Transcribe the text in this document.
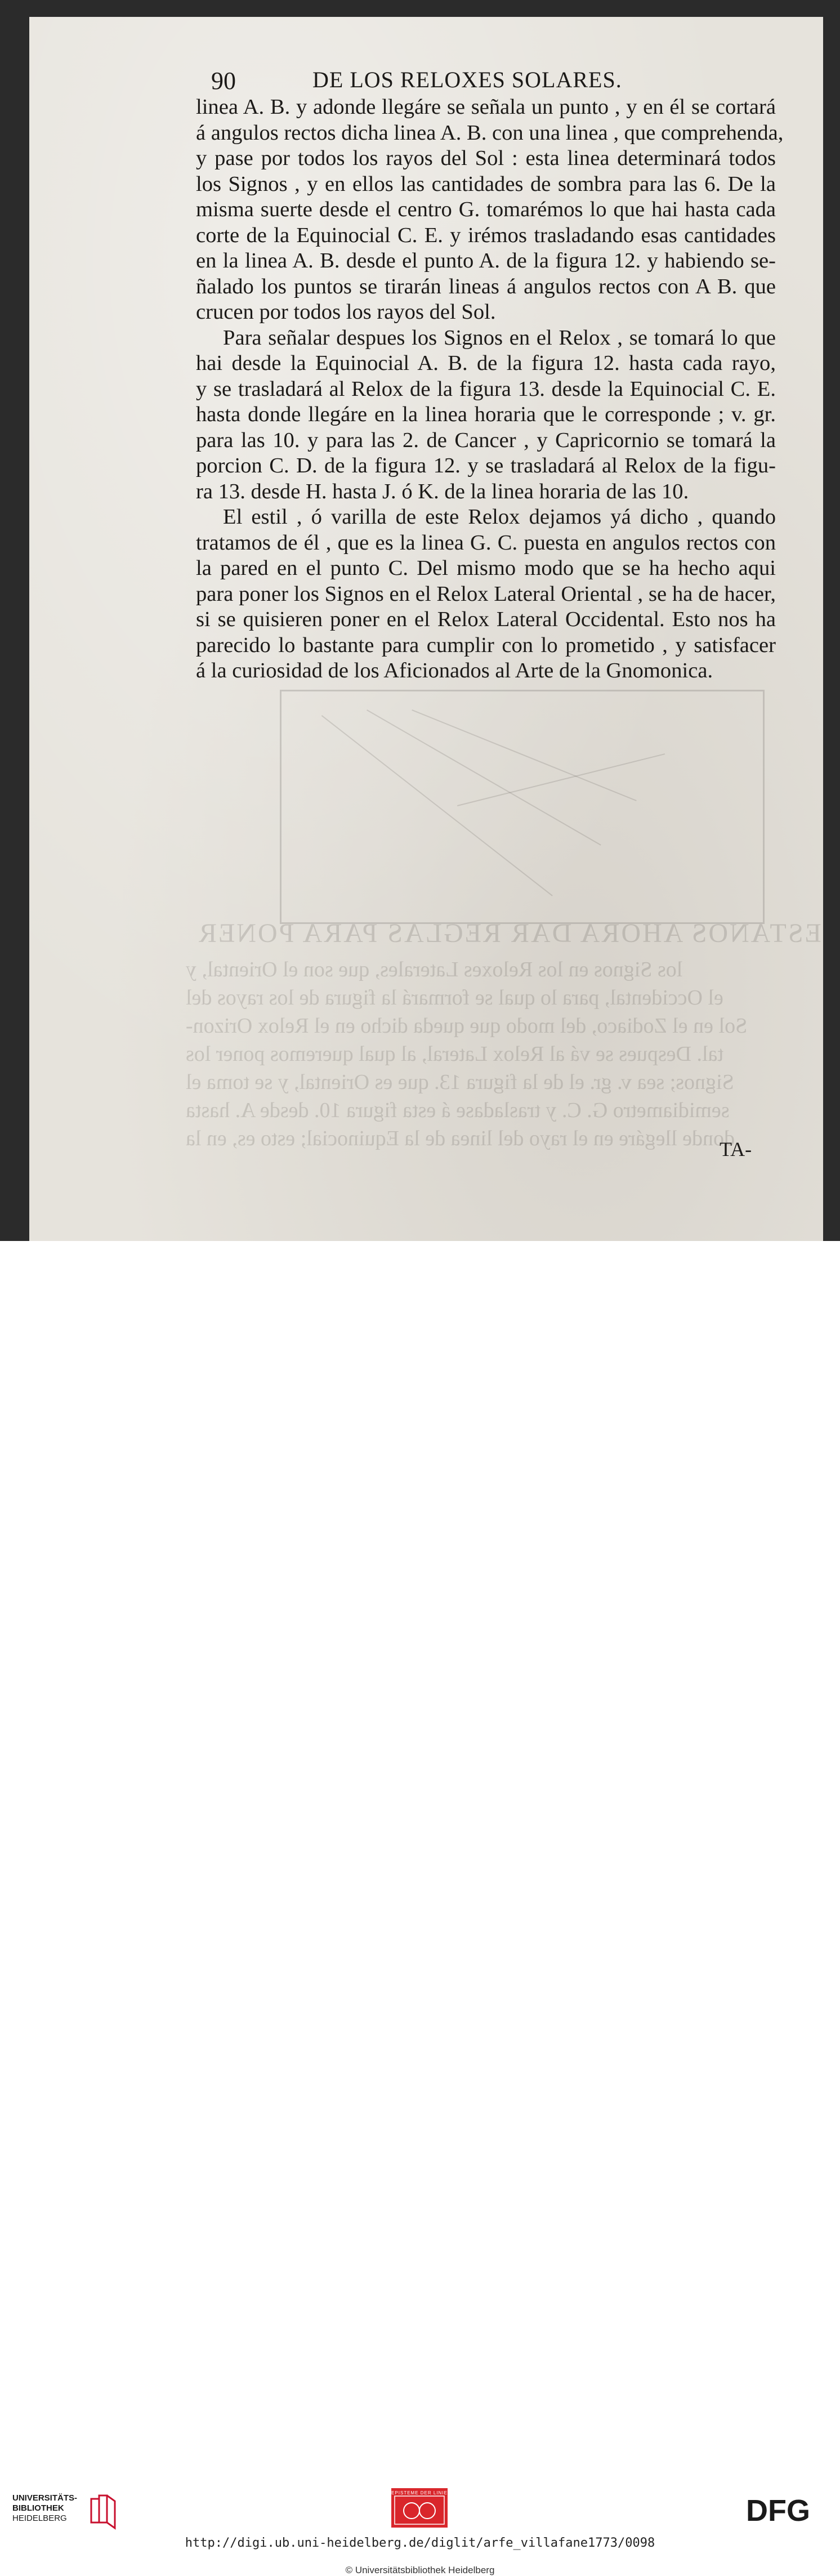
ESTANOS AHORA DAR REGLAS PARA PONER
los Signos en los Reloxes Laterales, que son el Oriental, y
el Occidental, para lo qual se formará la figura de los rayos del
Sol en el Zodiaco, del modo que queda dicho en el Relox Orizon-
tal. Despues se vá al Relox Lateral, al qual queremos poner los
Signos; sea v. gr. el de la figura 13. que es Oriental, y se toma el
semidiametro G. C. y trasladase á esta figura 10. desde A. hasta
donde llegáre en el rayo del linea de la Equinocial; esto es, en la
90	DE LOS RELOXES SOLARES.

linea A. B. y adonde llegáre se señala un punto , y en él se cortará
á angulos rectos dicha linea A. B. con una linea , que comprehenda,
y pase por todos los rayos del Sol : esta linea determinará todos
los Signos , y en ellos las cantidades de sombra para las 6. De la
misma suerte desde el centro G. tomarémos lo que hai hasta cada
corte de la Equinocial C. E. y irémos trasladando esas cantidades
en la linea A. B. desde el punto A. de la figura 12. y habiendo se-
ñalado los puntos se tirarán lineas á angulos rectos con A B. que
crucen por todos los rayos del Sol.

Para señalar despues los Signos en el Relox , se tomará lo que
hai desde la Equinocial A. B. de la figura 12. hasta cada rayo,
y se trasladará al Relox de la figura 13. desde la Equinocial C. E.
hasta donde llegáre en la linea horaria que le corresponde ; v. gr.
para las 10. y para las 2. de Cancer , y Capricornio se tomará la
porcion C. D. de la figura 12. y se trasladará al Relox de la figu-
ra 13. desde H. hasta J. ó K. de la linea horaria de las 10.

El estil , ó varilla de este Relox dejamos yá dicho , quando
tratamos de él , que es la linea G. C. puesta en angulos rectos con
la pared en el punto C. Del mismo modo que se ha hecho aqui
para poner los Signos en el Relox Lateral Oriental , se ha de hacer,
si se quisieren poner en el Relox Lateral Occidental. Esto nos ha
parecido lo bastante para cumplir con lo prometido , y satisfacer
á la curiosidad de los Aficionados al Arte de la Gnomonica.

TA-
UNIVERSITÄTS-
BIBLIOTHEK
HEIDELBERG
EPISTEME DER LINIE
DFG
http://digi.ub.uni-heidelberg.de/diglit/arfe_villafane1773/0098
© Universitätsbibliothek Heidelberg
